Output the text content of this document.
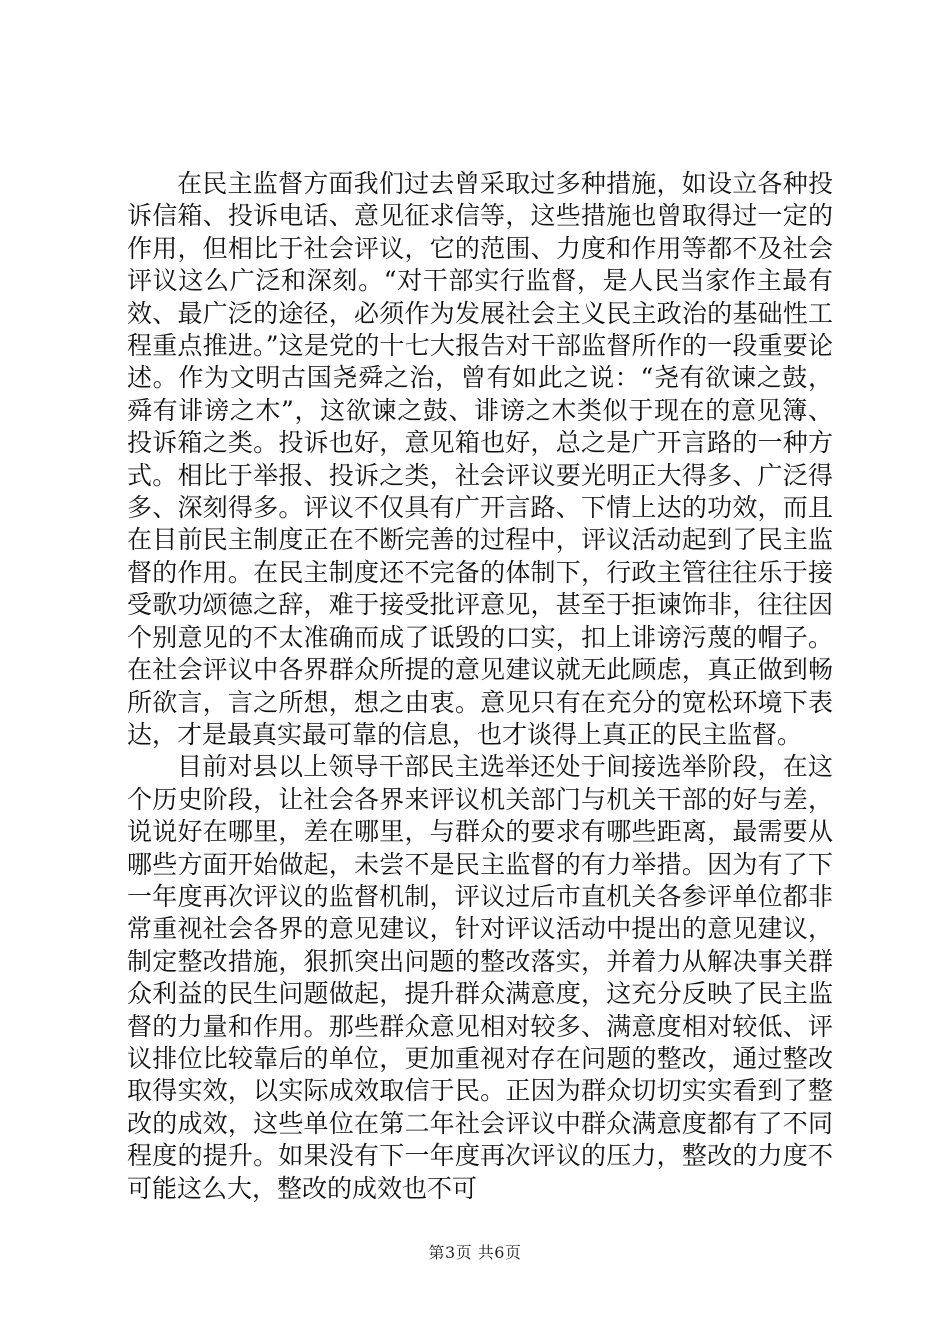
在民主监督方面我们过去曾采取过多种措施，如设立各种投诉信箱、投诉电话、意见征求信等，这些措施也曾取得过一定的作用，但相比于社会评议，它的范围、力度和作用等都不及社会评议这么广泛和深刻。“对干部实行监督，是人民当家作主最有效、最广泛的途径，必须作为发展社会主义民主政治的基础性工程重点推进。”这是党的十七大报告对干部监督所作的一段重要论述。作为文明古国尧舜之治，曾有如此之说：“尧有欲谏之鼓，舜有诽谤之木”，这欲谏之鼓、诽谤之木类似于现在的意见簿、投诉箱之类。投诉也好，意见箱也好，总之是广开言路的一种方式。相比于举报、投诉之类，社会评议要光明正大得多、广泛得多、深刻得多。评议不仅具有广开言路、下情上达的功效，而且在目前民主制度正在不断完善的过程中，评议活动起到了民主监督的作用。在民主制度还不完备的体制下，行政主管往往乐于接受歌功颂德之辞，难于接受批评意见，甚至于拒谏饰非，往往因个别意见的不太准确而成了诋毁的口实，扣上诽谤污蔑的帽子。在社会评议中各界群众所提的意见建议就无此顾虑，真正做到畅所欲言，言之所想，想之由衷。意见只有在充分的宽松环境下表达，才是最真实最可靠的信息，也才谈得上真正的民主监督。

目前对县以上领导干部民主选举还处于间接选举阶段，在这个历史阶段，让社会各界来评议机关部门与机关干部的好与差，说说好在哪里，差在哪里，与群众的要求有哪些距离，最需要从哪些方面开始做起，未尝不是民主监督的有力举措。因为有了下一年度再次评议的监督机制，评议过后市直机关各参评单位都非常重视社会各界的意见建议，针对评议活动中提出的意见建议，制定整改措施，狠抓突出问题的整改落实，并着力从解决事关群众利益的民生问题做起，提升群众满意度，这充分反映了民主监督的力量和作用。那些群众意见相对较多、满意度相对较低、评议排位比较靠后的单位，更加重视对存在问题的整改，通过整改取得实效，以实际成效取信于民。正因为群众切切实实看到了整改的成效，这些单位在第二年社会评议中群众满意度都有了不同程度的提升。如果没有下一年度再次评议的压力，整改的力度不可能这么大，整改的成效也不可

第3页 共6页
